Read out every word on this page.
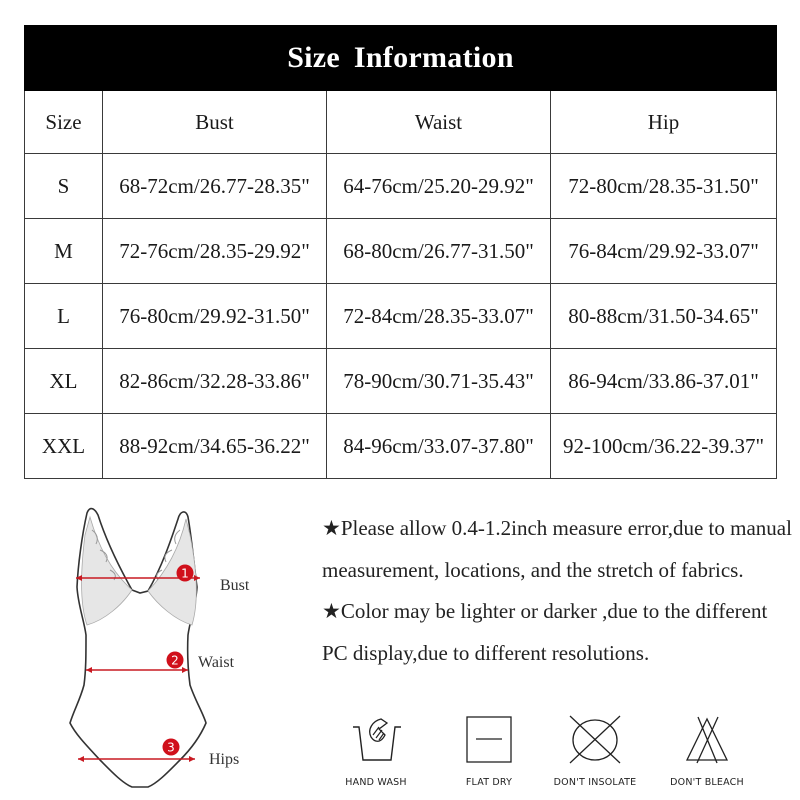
Size Information			
Size	Bust	Waist	Hip
S	68-72cm/26.77-28.35"	64-76cm/25.20-29.92"	72-80cm/28.35-31.50"
M	72-76cm/28.35-29.92"	68-80cm/26.77-31.50"	76-84cm/29.92-33.07"
L	76-80cm/29.92-31.50"	72-84cm/28.35-33.07"	80-88cm/31.50-34.65"
XL	82-86cm/32.28-33.86"	78-90cm/30.71-35.43"	86-94cm/33.86-37.01"
XXL	88-92cm/34.65-36.22"	84-96cm/33.07-37.80"	92-100cm/36.22-39.37"
1
2
3
Bust
Waist
Hips

★Please allow 0.4-1.2inch measure error,due to manual measurement, locations, and the stretch of fabrics.

★Color may be lighter or darker ,due to the different PC display,due to different resolutions.

HAND WASH	FLAT DRY	DON'T INSOLATE	DON'T BLEACH
